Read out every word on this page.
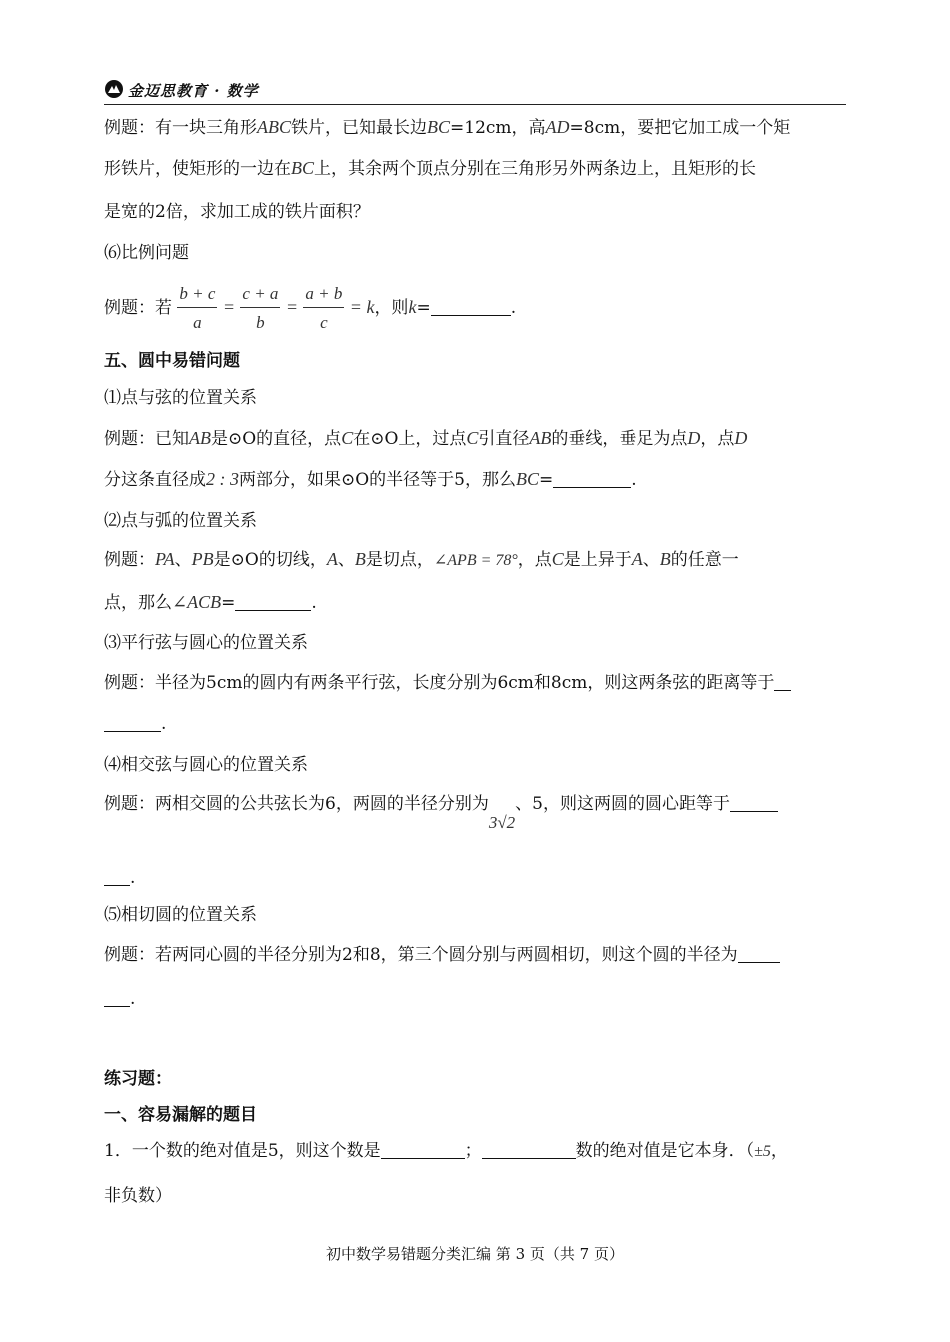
金迈思教育 · 数学
例题：有一块三角形ABC铁片，已知最长边BC=12cm，高AD=8cm，要把它加工成一个矩
形铁片，使矩形的一边在BC上，其余两个顶点分别在三角形另外两条边上，且矩形的长
是宽的2倍，求加工成的铁片面积？
⑹比例问题
例题：若 $\frac{b + c}{a} = \frac{c + a}{b} = \frac{a + b}{c} = k$，则k=	.
五、圆中易错问题
⑴点与弦的位置关系
例题：已知AB是⊙O的直径，点C在⊙O上，过点C引直径AB的垂线，垂足为点D，点D
分这条直径成2 : 3两部分，如果⊙O的半径等于5，那么BC=	.
⑵点与弧的位置关系
例题：PA、PB是⊙O的切线，A、B是切点，∠APB = 78°，点C是上异于A、B的任意一
点，那么∠ACB=	.
⑶平行弦与圆心的位置关系
例题：半径为5cm的圆内有两条平行弦，长度分别为6cm和8cm，则这两条弦的距离等于
.
⑷相交弦与圆心的位置关系
例题：两相交圆的公共弦长为6，两圆的半径分别为3√2、5，则这两圆的圆心距等于
.
⑸相切圆的位置关系
例题：若两同心圆的半径分别为2和8，第三个圆分别与两圆相切，则这个圆的半径为
.
练习题：
一、容易漏解的题目
1．一个数的绝对值是5，则这个数是	；	数的绝对值是它本身．（±5，
非负数）
初中数学易错题分类汇编 第 3 页（共 7 页）
